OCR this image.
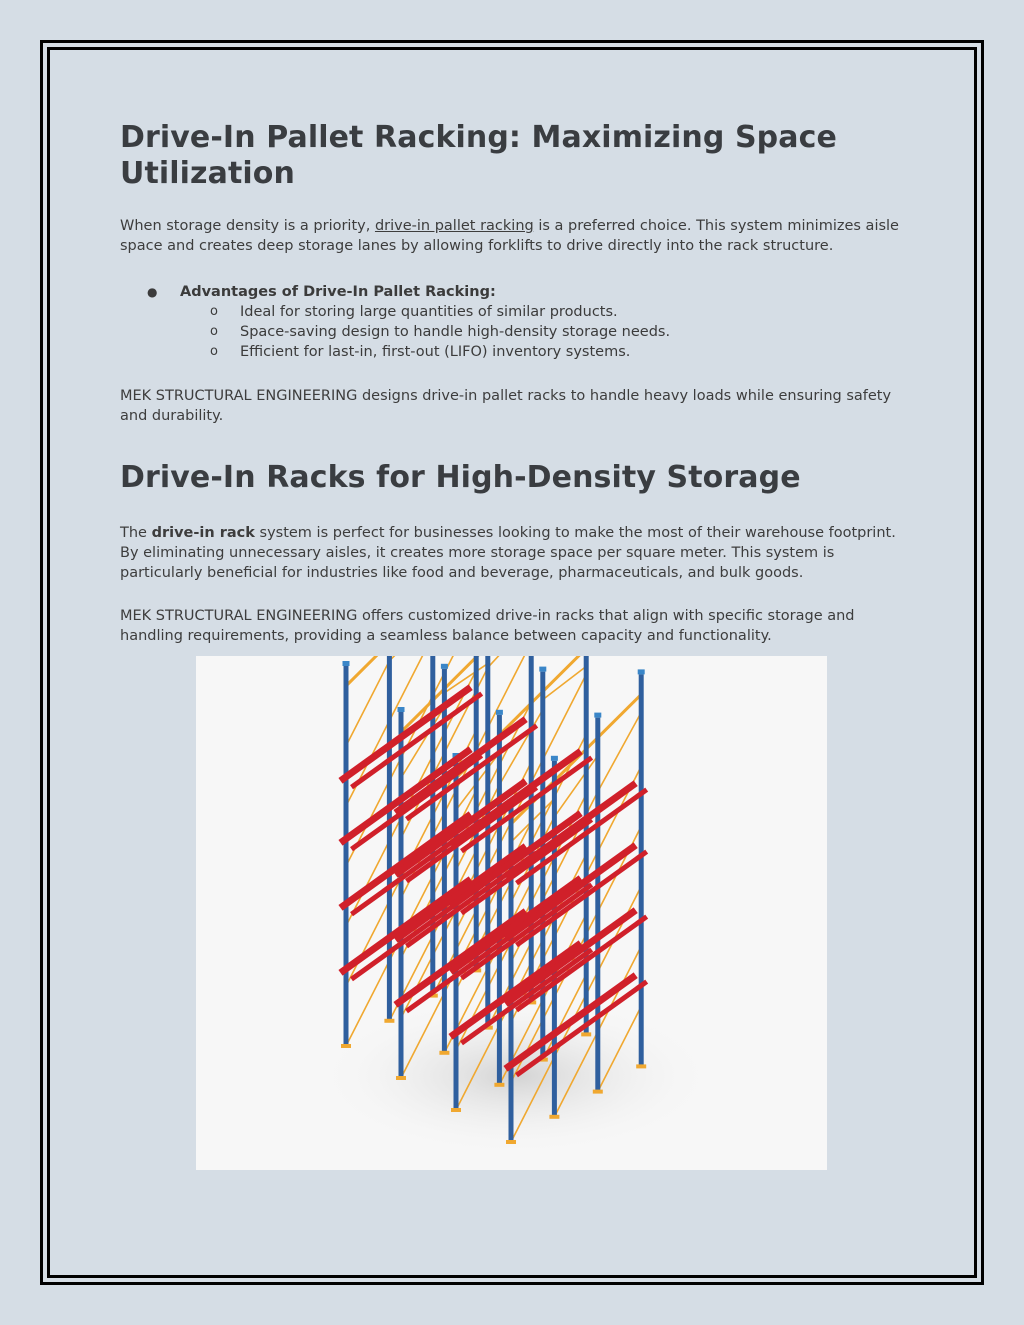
Drive-In Pallet Racking: Maximizing Space Utilization

When storage density is a priority, drive-in pallet racking is a preferred choice. This system minimizes aisle space and creates deep storage lanes by allowing forklifts to drive directly into the rack structure.

● Advantages of Drive-In Pallet Racking:
o Ideal for storing large quantities of similar products.
o Space-saving design to handle high-density storage needs.
o Efficient for last-in, first-out (LIFO) inventory systems.

MEK STRUCTURAL ENGINEERING designs drive-in pallet racks to handle heavy loads while ensuring safety and durability.

Drive-In Racks for High-Density Storage

The drive-in rack system is perfect for businesses looking to make the most of their warehouse footprint. By eliminating unnecessary aisles, it creates more storage space per square meter. This system is particularly beneficial for industries like food and beverage, pharmaceuticals, and bulk goods.

MEK STRUCTURAL ENGINEERING offers customized drive-in racks that align with specific storage and handling requirements, providing a seamless balance between capacity and functionality.
